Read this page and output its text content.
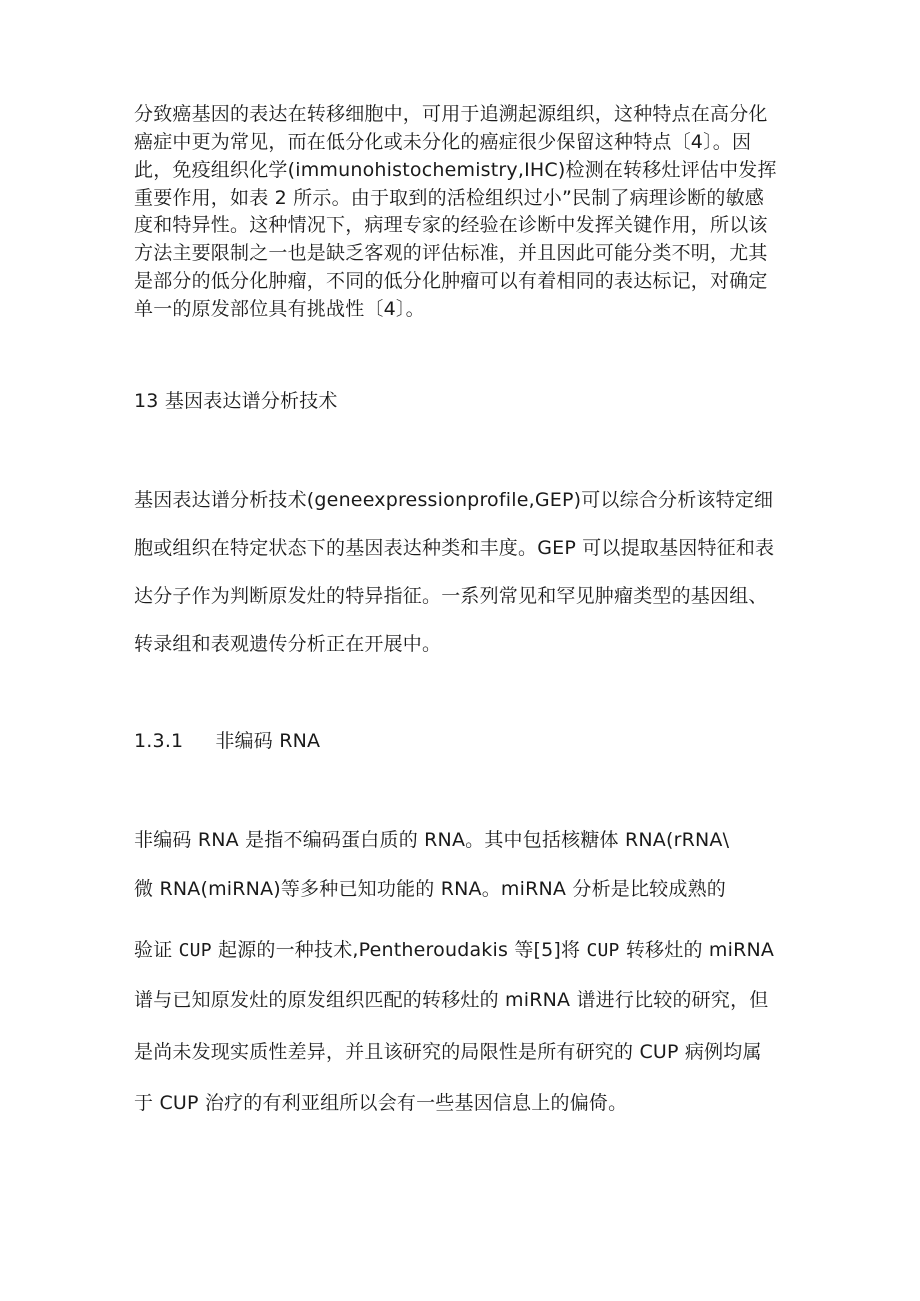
分致癌基因的表达在转移细胞中，可用于追溯起源组织，这种特点在高分化
癌症中更为常见，而在低分化或未分化的癌症很少保留这种特点〔4〕。因
此，免疫组织化学(immunohistochemistry,IHC)检测在转移灶评估中发挥
重要作用，如表 2 所示。由于取到的活检组织过小”民制了病理诊断的敏感
度和特异性。这种情况下，病理专家的经验在诊断中发挥关键作用，所以该
方法主要限制之一也是缺乏客观的评估标准，并且因此可能分类不明，尤其
是部分的低分化肿瘤，不同的低分化肿瘤可以有着相同的表达标记，对确定
单一的原发部位具有挑战性〔4〕。
13 基因表达谱分析技术
基因表达谱分析技术(geneexpressionprofile,GEP)可以综合分析该特定细
胞或组织在特定状态下的基因表达种类和丰度。GEP 可以提取基因特征和表
达分子作为判断原发灶的特异指征。一系列常见和罕见肿瘤类型的基因组、
转录组和表观遗传分析正在开展中。
1.3.1 非编码 RNA
非编码 RNA 是指不编码蛋白质的 RNA。其中包括核糖体 RNA(rRNA\
微 RNA(miRNA)等多种已知功能的 RNA。miRNA 分析是比较成熟的
验证 CUP 起源的一种技术,Pentheroudakis 等[5]将 CUP 转移灶的 miRNA
谱与已知原发灶的原发组织匹配的转移灶的 miRNA 谱进行比较的研究，但
是尚未发现实质性差异，并且该研究的局限性是所有研究的 CUP 病例均属
于 CUP 治疗的有利亚组所以会有一些基因信息上的偏倚。
